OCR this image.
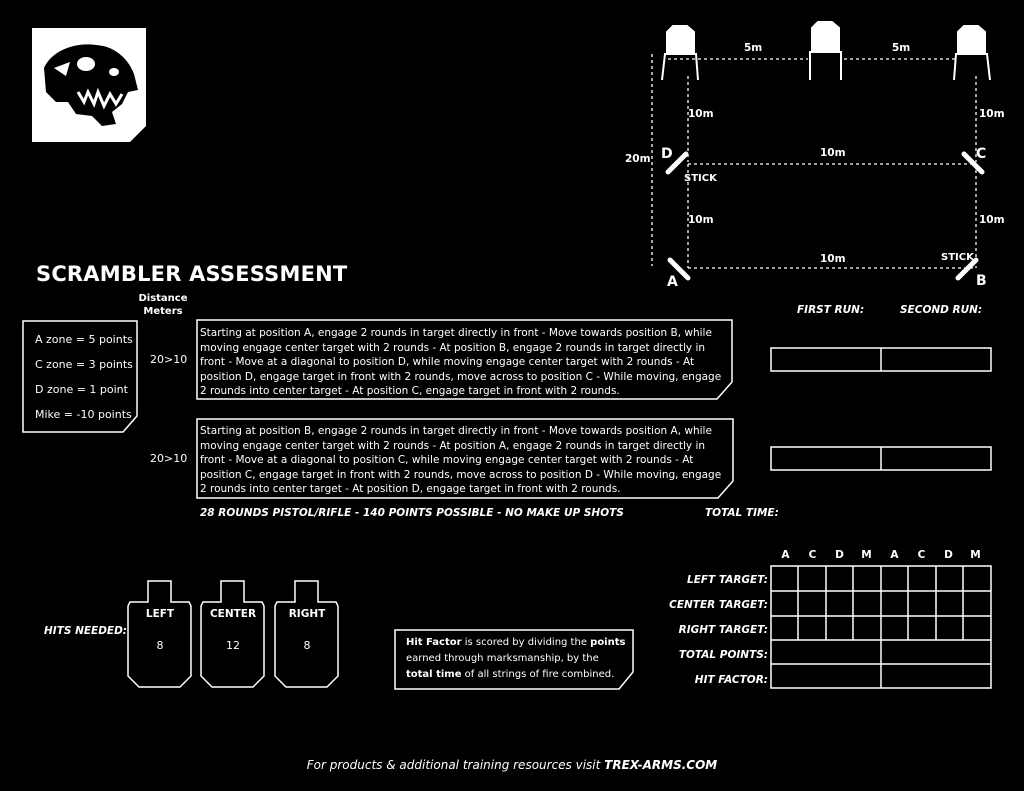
SCRAMBLER ASSESSMENT
Distance Meters
A zone = 5 points
C zone = 3 points
D zone = 1 point
Mike = -10 points
20>10
Starting at position A, engage 2 rounds in target directly in front - Move towards position B, while moving engage center target with 2 rounds - At position B, engage 2 rounds in target directly in front - Move at a diagonal to position D, while moving engage center target with 2 rounds - At position D, engage target in front with 2 rounds, move across to position C - While moving, engage 2 rounds into center target - At position C, engage target in front with 2 rounds.
20>10
Starting at position B, engage 2 rounds in target directly in front - Move towards position A, while moving engage center target with 2 rounds - At position A, engage 2 rounds in target directly in front - Move at a diagonal to position C, while moving engage center target with 2 rounds - At position C, engage target in front with 2 rounds, move across to position D - While moving, engage 2 rounds into center target - At position D, engage target in front with 2 rounds.
28 ROUNDS PISTOL/RIFLE - 140 POINTS POSSIBLE - NO MAKE UP SHOTS
FIRST RUN:	SECOND RUN:
TOTAL TIME:
5m	5m
10m	10m
20m	10m
10m	10m
10m
STICK
STICK
D	C
A	B
HITS NEEDED:
LEFT
8
CENTER
12
RIGHT
8	Hit Factor is scored by dividing the points
earned through marksmanship, by the
total time of all strings of fire combined.
A	C	D	M	A	C	D	M
LEFT TARGET:
CENTER TARGET:
RIGHT TARGET:
TOTAL POINTS:
HIT FACTOR:
For products & additional training resources visit TREX-ARMS.COM
